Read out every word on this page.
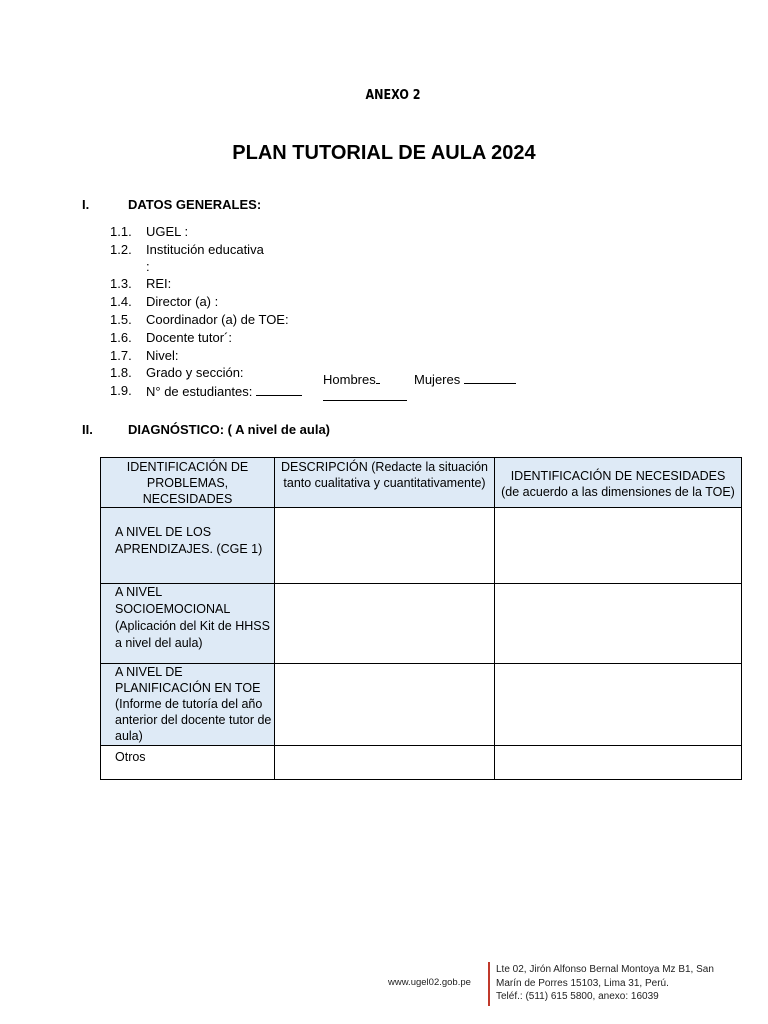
ANEXO 2
PLAN TUTORIAL DE AULA 2024
I.	DATOS GENERALES:
1.1. UGEL :
1.2. Institución educativa
:
1.3. REI:
1.4. Director (a) :
1.5. Coordinador (a) de TOE:
1.6. Docente tutor´:
1.7. Nivel:
1.8. Grado y sección:
1.9. N° de estudiantes:
Hombres	Mujeres
II.	DIAGNÓSTICO: ( A nivel de aula)
IDENTIFICACIÓN DE PROBLEMAS, NECESIDADES	DESCRIPCIÓN (Redacte la situación tanto cualitativa y cuantitativamente)	IDENTIFICACIÓN DE NECESIDADES (de acuerdo a las dimensiones de la TOE)
A NIVEL DE LOS APRENDIZAJES. (CGE 1)		
A NIVEL SOCIOEMOCIONAL (Aplicación del Kit de HHSS a nivel del aula)		
A NIVEL DE PLANIFICACIÓN EN TOE (Informe de tutoría del año anterior del docente tutor de aula)		
Otros		
www.ugel02.gob.pe
Lte 02, Jirón Alfonso Bernal Montoya Mz B1, San
Marín de Porres 15103, Lima 31, Perú.
Teléf.: (511) 615 5800, anexo: 16039
